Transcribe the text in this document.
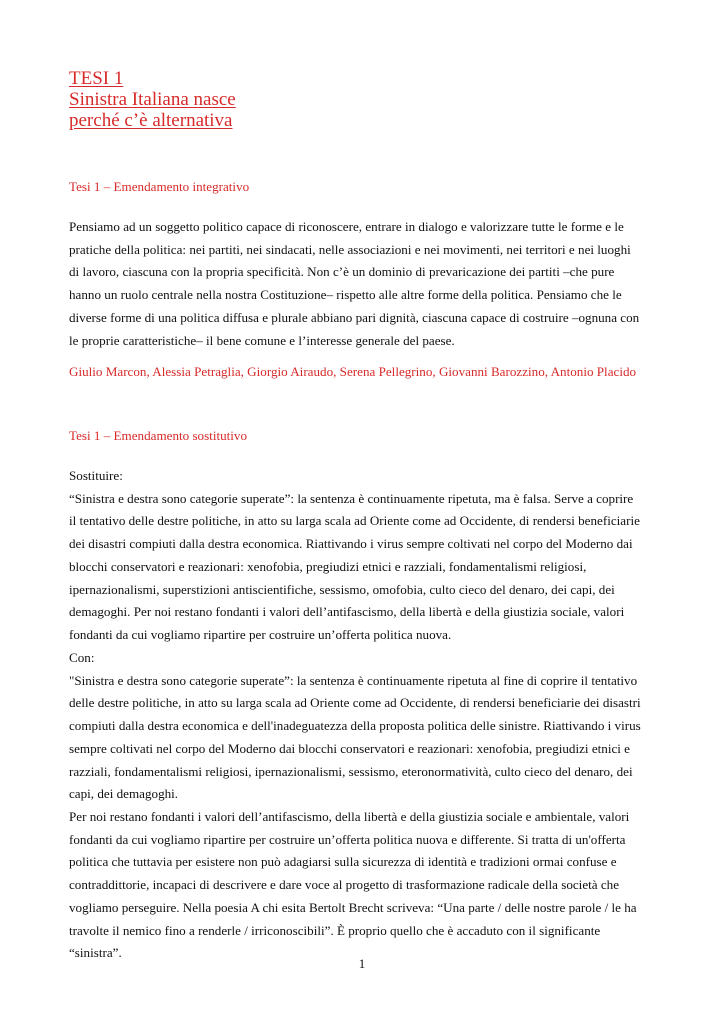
TESI 1
Sinistra Italiana nasce
perché c’è alternativa
Tesi 1 – Emendamento integrativo
Pensiamo ad un soggetto politico capace di riconoscere, entrare in dialogo e valorizzare tutte le forme e le
pratiche della politica: nei partiti, nei sindacati, nelle associazioni e nei movimenti, nei territori e nei luoghi
di lavoro, ciascuna con la propria specificità. Non c’è un dominio di prevaricazione dei partiti –che pure
hanno un ruolo centrale nella nostra Costituzione– rispetto alle altre forme della politica. Pensiamo che le
diverse forme di una politica diffusa e plurale abbiano pari dignità, ciascuna capace di costruire –ognuna con
le proprie caratteristiche– il bene comune e l’interesse generale del paese.
Giulio Marcon, Alessia Petraglia, Giorgio Airaudo, Serena Pellegrino, Giovanni Barozzino, Antonio Placido
Tesi 1 – Emendamento sostitutivo
Sostituire:
“Sinistra e destra sono categorie superate”: la sentenza è continuamente ripetuta, ma è falsa. Serve a coprire
il tentativo delle destre politiche, in atto su larga scala ad Oriente come ad Occidente, di rendersi beneficiarie
dei disastri compiuti dalla destra economica. Riattivando i virus sempre coltivati nel corpo del Moderno dai
blocchi conservatori e reazionari: xenofobia, pregiudizi etnici e razziali, fondamentalismi religiosi,
ipernazionalismi, superstizioni antiscientifiche, sessismo, omofobia, culto cieco del denaro, dei capi, dei
demagoghi. Per noi restano fondanti i valori dell’antifascismo, della libertà e della giustizia sociale, valori
fondanti da cui vogliamo ripartire per costruire un’offerta politica nuova.
Con:
"Sinistra e destra sono categorie superate”: la sentenza è continuamente ripetuta al fine di coprire il tentativo
delle destre politiche, in atto su larga scala ad Oriente come ad Occidente, di rendersi beneficiarie dei disastri
compiuti dalla destra economica e dell'inadeguatezza della proposta politica delle sinistre. Riattivando i virus
sempre coltivati nel corpo del Moderno dai blocchi conservatori e reazionari: xenofobia, pregiudizi etnici e
razziali, fondamentalismi religiosi, ipernazionalismi, sessismo, eteronormatività, culto cieco del denaro, dei
capi, dei demagoghi.
Per noi restano fondanti i valori dell’antifascismo, della libertà e della giustizia sociale e ambientale, valori
fondanti da cui vogliamo ripartire per costruire un’offerta politica nuova e differente. Si tratta di un'offerta
politica che tuttavia per esistere non può adagiarsi sulla sicurezza di identità e tradizioni ormai confuse e
contraddittorie, incapaci di descrivere e dare voce al progetto di trasformazione radicale della società che
vogliamo perseguire. Nella poesia A chi esita Bertolt Brecht scriveva: “Una parte / delle nostre parole / le ha
travolte il nemico fino a renderle / irriconoscibili”. È proprio quello che è accaduto con il significante
“sinistra”.
1
